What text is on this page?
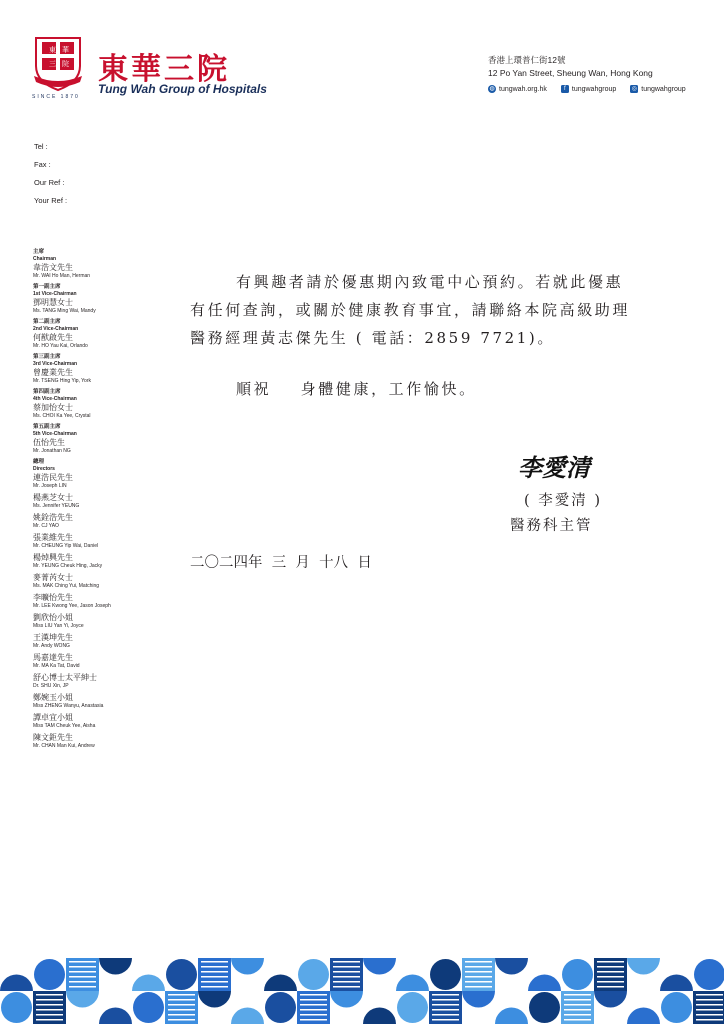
東 華
三 院 東華三院
Tung Wah Group of Hospitals
SINCE 1870
香港上環普仁街12號
12 Po Yan Street, Sheung Wan, Hong Kong
◍ tungwah.org.hk	f tungwahgroup	◎ tungwahgroup
Tel :
Fax :
Our Ref :
Your Ref :
主席
Chairman
韋浩文先生
Mr. WAI Ho Man, Herman
第一副主席
1st Vice-Chairman
鄧明慧女士
Ms. TANG Ming Wai, Mandy
第二副主席
2nd Vice-Chairman
何猷啟先生
Mr. HO Yau Kai, Orlando
第三副主席
3rd Vice-Chairman
曾慶業先生
Mr. TSENG Hing Yip, York
第四副主席
4th Vice-Chairman
蔡加怡女士
Ms. CHOI Ka Yee, Crystal
第五副主席
5th Vice-Chairman
伍怡先生
Mr. Jonathan NG
總理
Directors
連浩民先生
Mr. Joseph LIN
楊燕芝女士
Ms. Jennifer YEUNG
姚銓浩先生
Mr. CJ YAO
張業維先生
Mr. CHEUNG Yip Wai, Daniel
楊焯興先生
Mr. YEUNG Cheuk Hing, Jacky
麥菁芮女士
Ms. MAK Ching Yui, Matching
李曠怡先生
Mr. LEE Kwong Yee, Jason Joseph
劉欣怡小姐
Miss LIU Yan Yi, Joyce
王漢坤先生
Mr. Andy WONG
馬嘉達先生
Mr. MA Ka Tat, David
舒心博士太平紳士
Dr. SHU Xin, JP
鄭婉玉小姐
Miss ZHENG Wanyu, Anastasia
譚卓宜小姐
Miss TAM Cheuk Yee, Aisha
陳文鉅先生
Mr. CHAN Man Kui, Andrew
有興趣者請於優惠期內致電中心預約。若就此優惠
有任何查詢，或關於健康教育事宜，請聯絡本院高級助理
醫務經理黃志傑先生 ( 電話：2859 7721)。
順祝    身體健康，工作愉快。
李愛清
( 李愛清 )
醫務科主管
二〇二四年  三  月  十八  日
